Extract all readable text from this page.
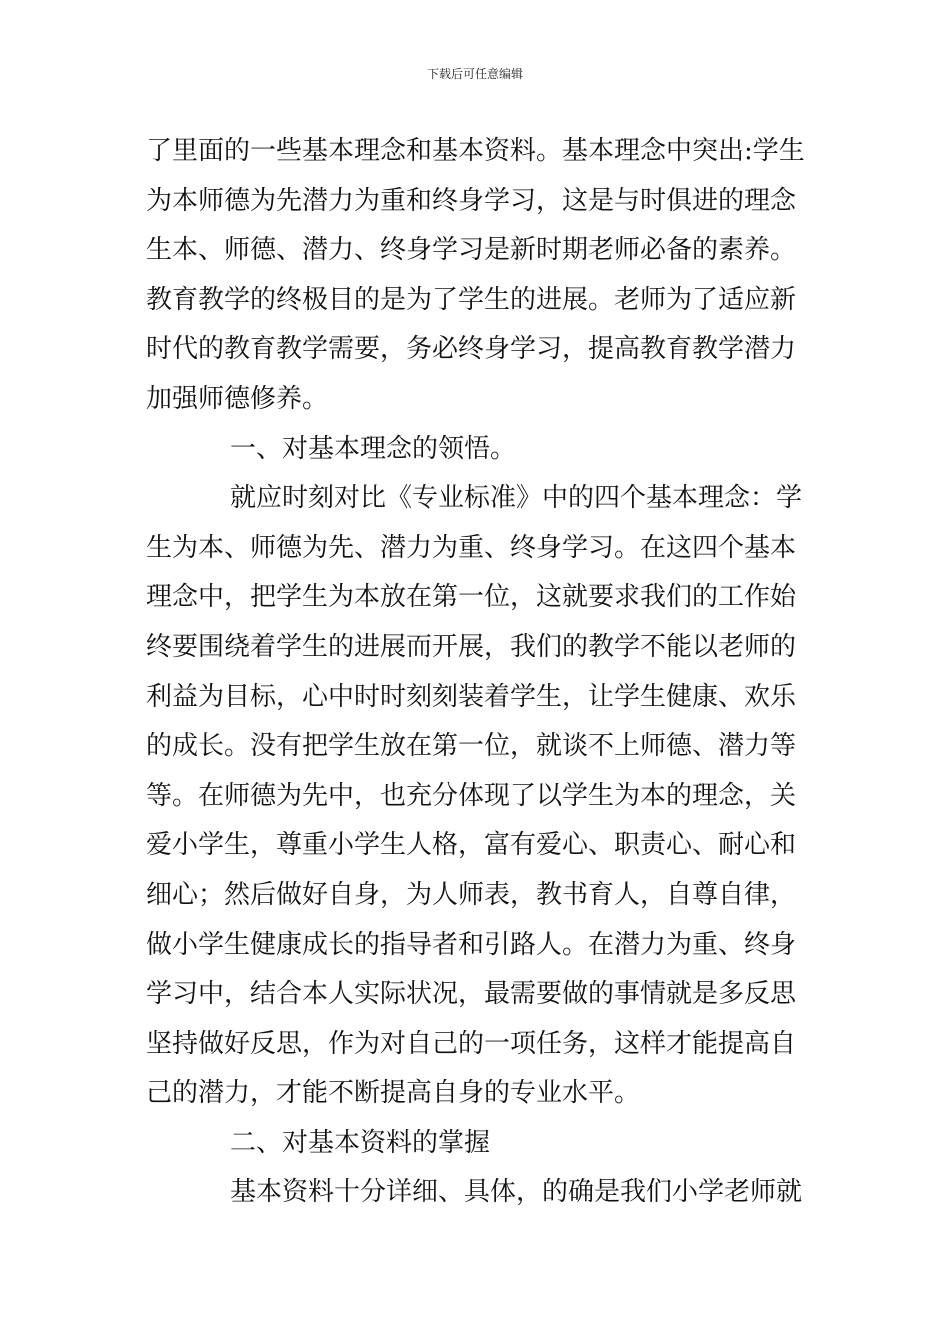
下载后可任意编辑
了里面的一些基本理念和基本资料。基本理念中突出:学生
为本师德为先潜力为重和终身学习，这是与时俱进的理念
生本、师德、潜力、终身学习是新时期老师必备的素养。
教育教学的终极目的是为了学生的进展。老师为了适应新
时代的教育教学需要，务必终身学习，提高教育教学潜力
加强师德修养。
一、对基本理念的领悟。
就应时刻对比《专业标准》中的四个基本理念：学
生为本、师德为先、潜力为重、终身学习。在这四个基本
理念中，把学生为本放在第一位，这就要求我们的工作始
终要围绕着学生的进展而开展，我们的教学不能以老师的
利益为目标，心中时时刻刻装着学生，让学生健康、欢乐
的成长。没有把学生放在第一位，就谈不上师德、潜力等
等。在师德为先中，也充分体现了以学生为本的理念，关
爱小学生，尊重小学生人格，富有爱心、职责心、耐心和
细心；然后做好自身，为人师表，教书育人，自尊自律，
做小学生健康成长的指导者和引路人。在潜力为重、终身
学习中，结合本人实际状况，最需要做的事情就是多反思
坚持做好反思，作为对自己的一项任务，这样才能提高自
己的潜力，才能不断提高自身的专业水平。
二、对基本资料的掌握
基本资料十分详细、具体，的确是我们小学老师就
